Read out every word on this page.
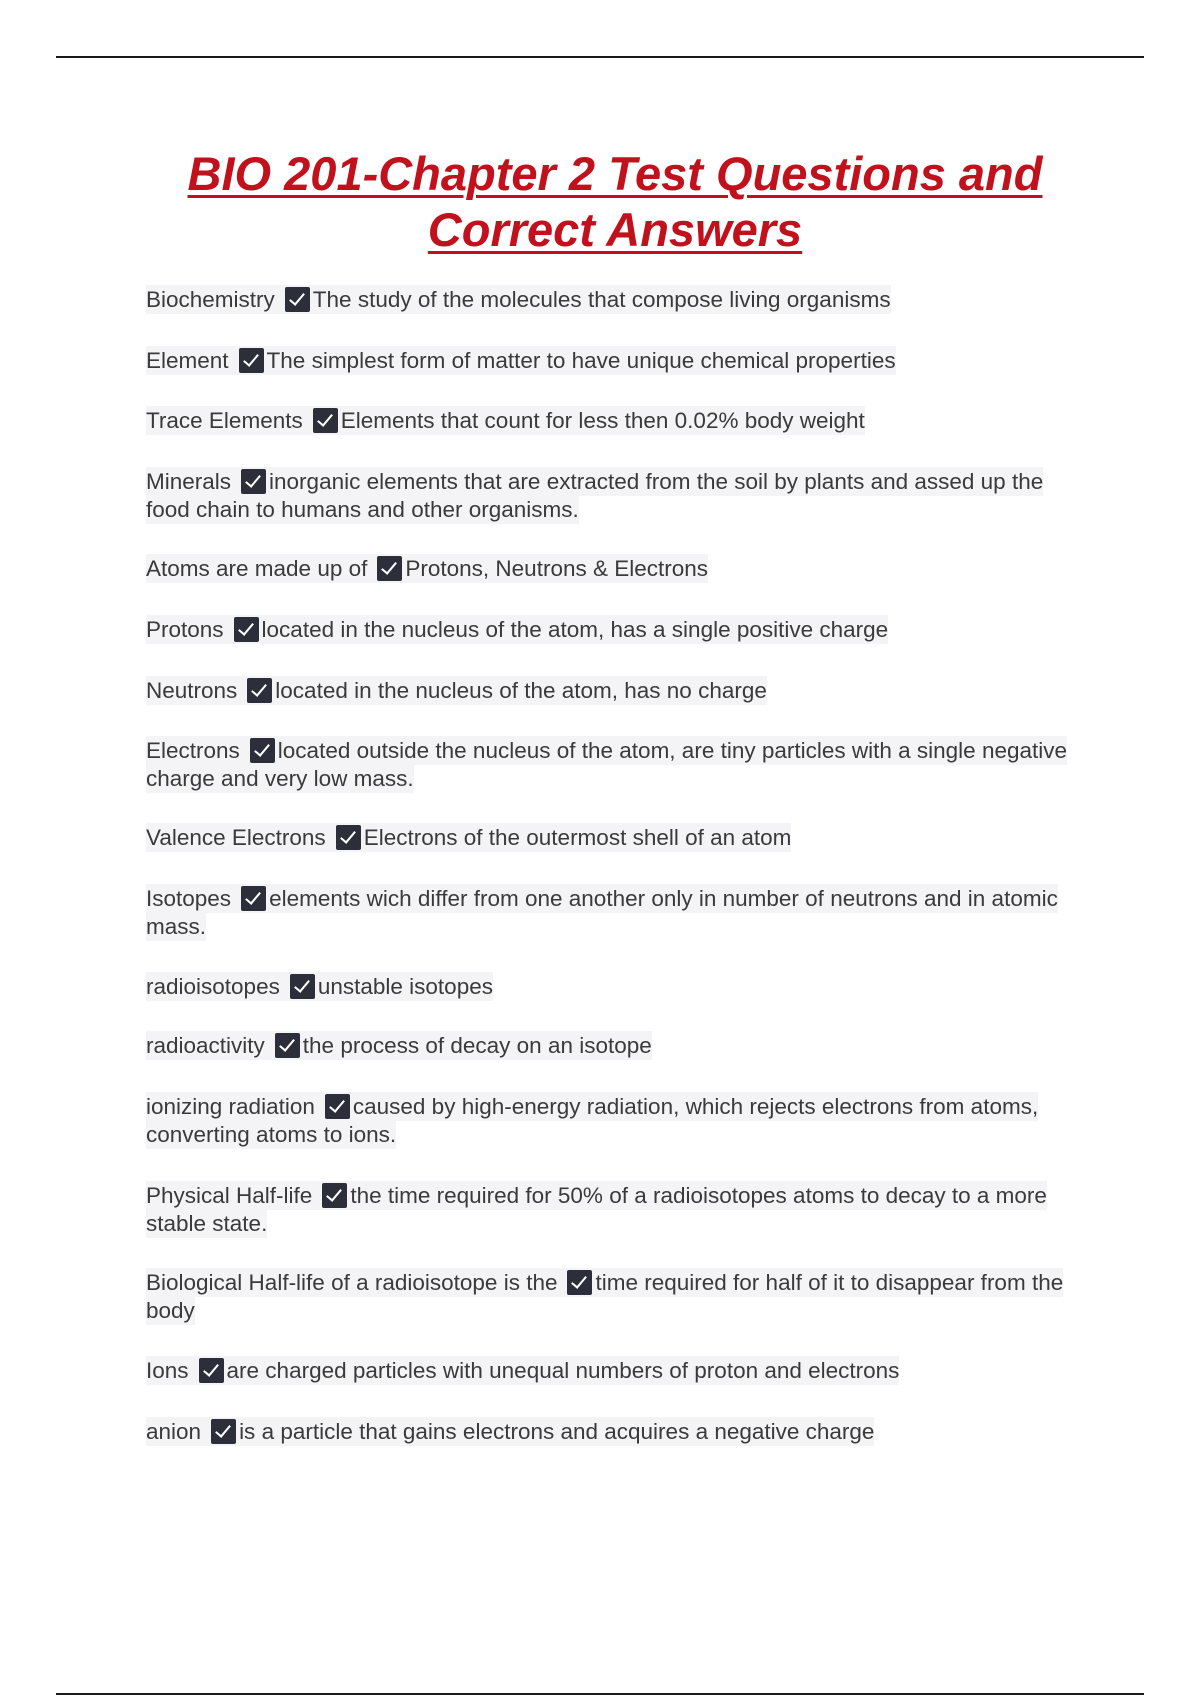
BIO 201-Chapter 2 Test Questions and
Correct Answers

Biochemistry The study of the molecules that compose living organisms

Element The simplest form of matter to have unique chemical properties

Trace Elements Elements that count for less then 0.02% body weight

Minerals inorganic elements that are extracted from the soil by plants and assed up the food chain to humans and other organisms.

Atoms are made up of Protons, Neutrons & Electrons

Protons located in the nucleus of the atom, has a single positive charge

Neutrons located in the nucleus of the atom, has no charge

Electrons located outside the nucleus of the atom, are tiny particles with a single negative charge and very low mass.

Valence Electrons Electrons of the outermost shell of an atom

Isotopes elements wich differ from one another only in number of neutrons and in atomic mass.

radioisotopes unstable isotopes

radioactivity the process of decay on an isotope

ionizing radiation caused by high-energy radiation, which rejects electrons from atoms, converting atoms to ions.

Physical Half-life the time required for 50% of a radioisotopes atoms to decay to a more stable state.

Biological Half-life of a radioisotope is the time required for half of it to disappear from the body

Ions are charged particles with unequal numbers of proton and electrons

anion is a particle that gains electrons and acquires a negative charge
